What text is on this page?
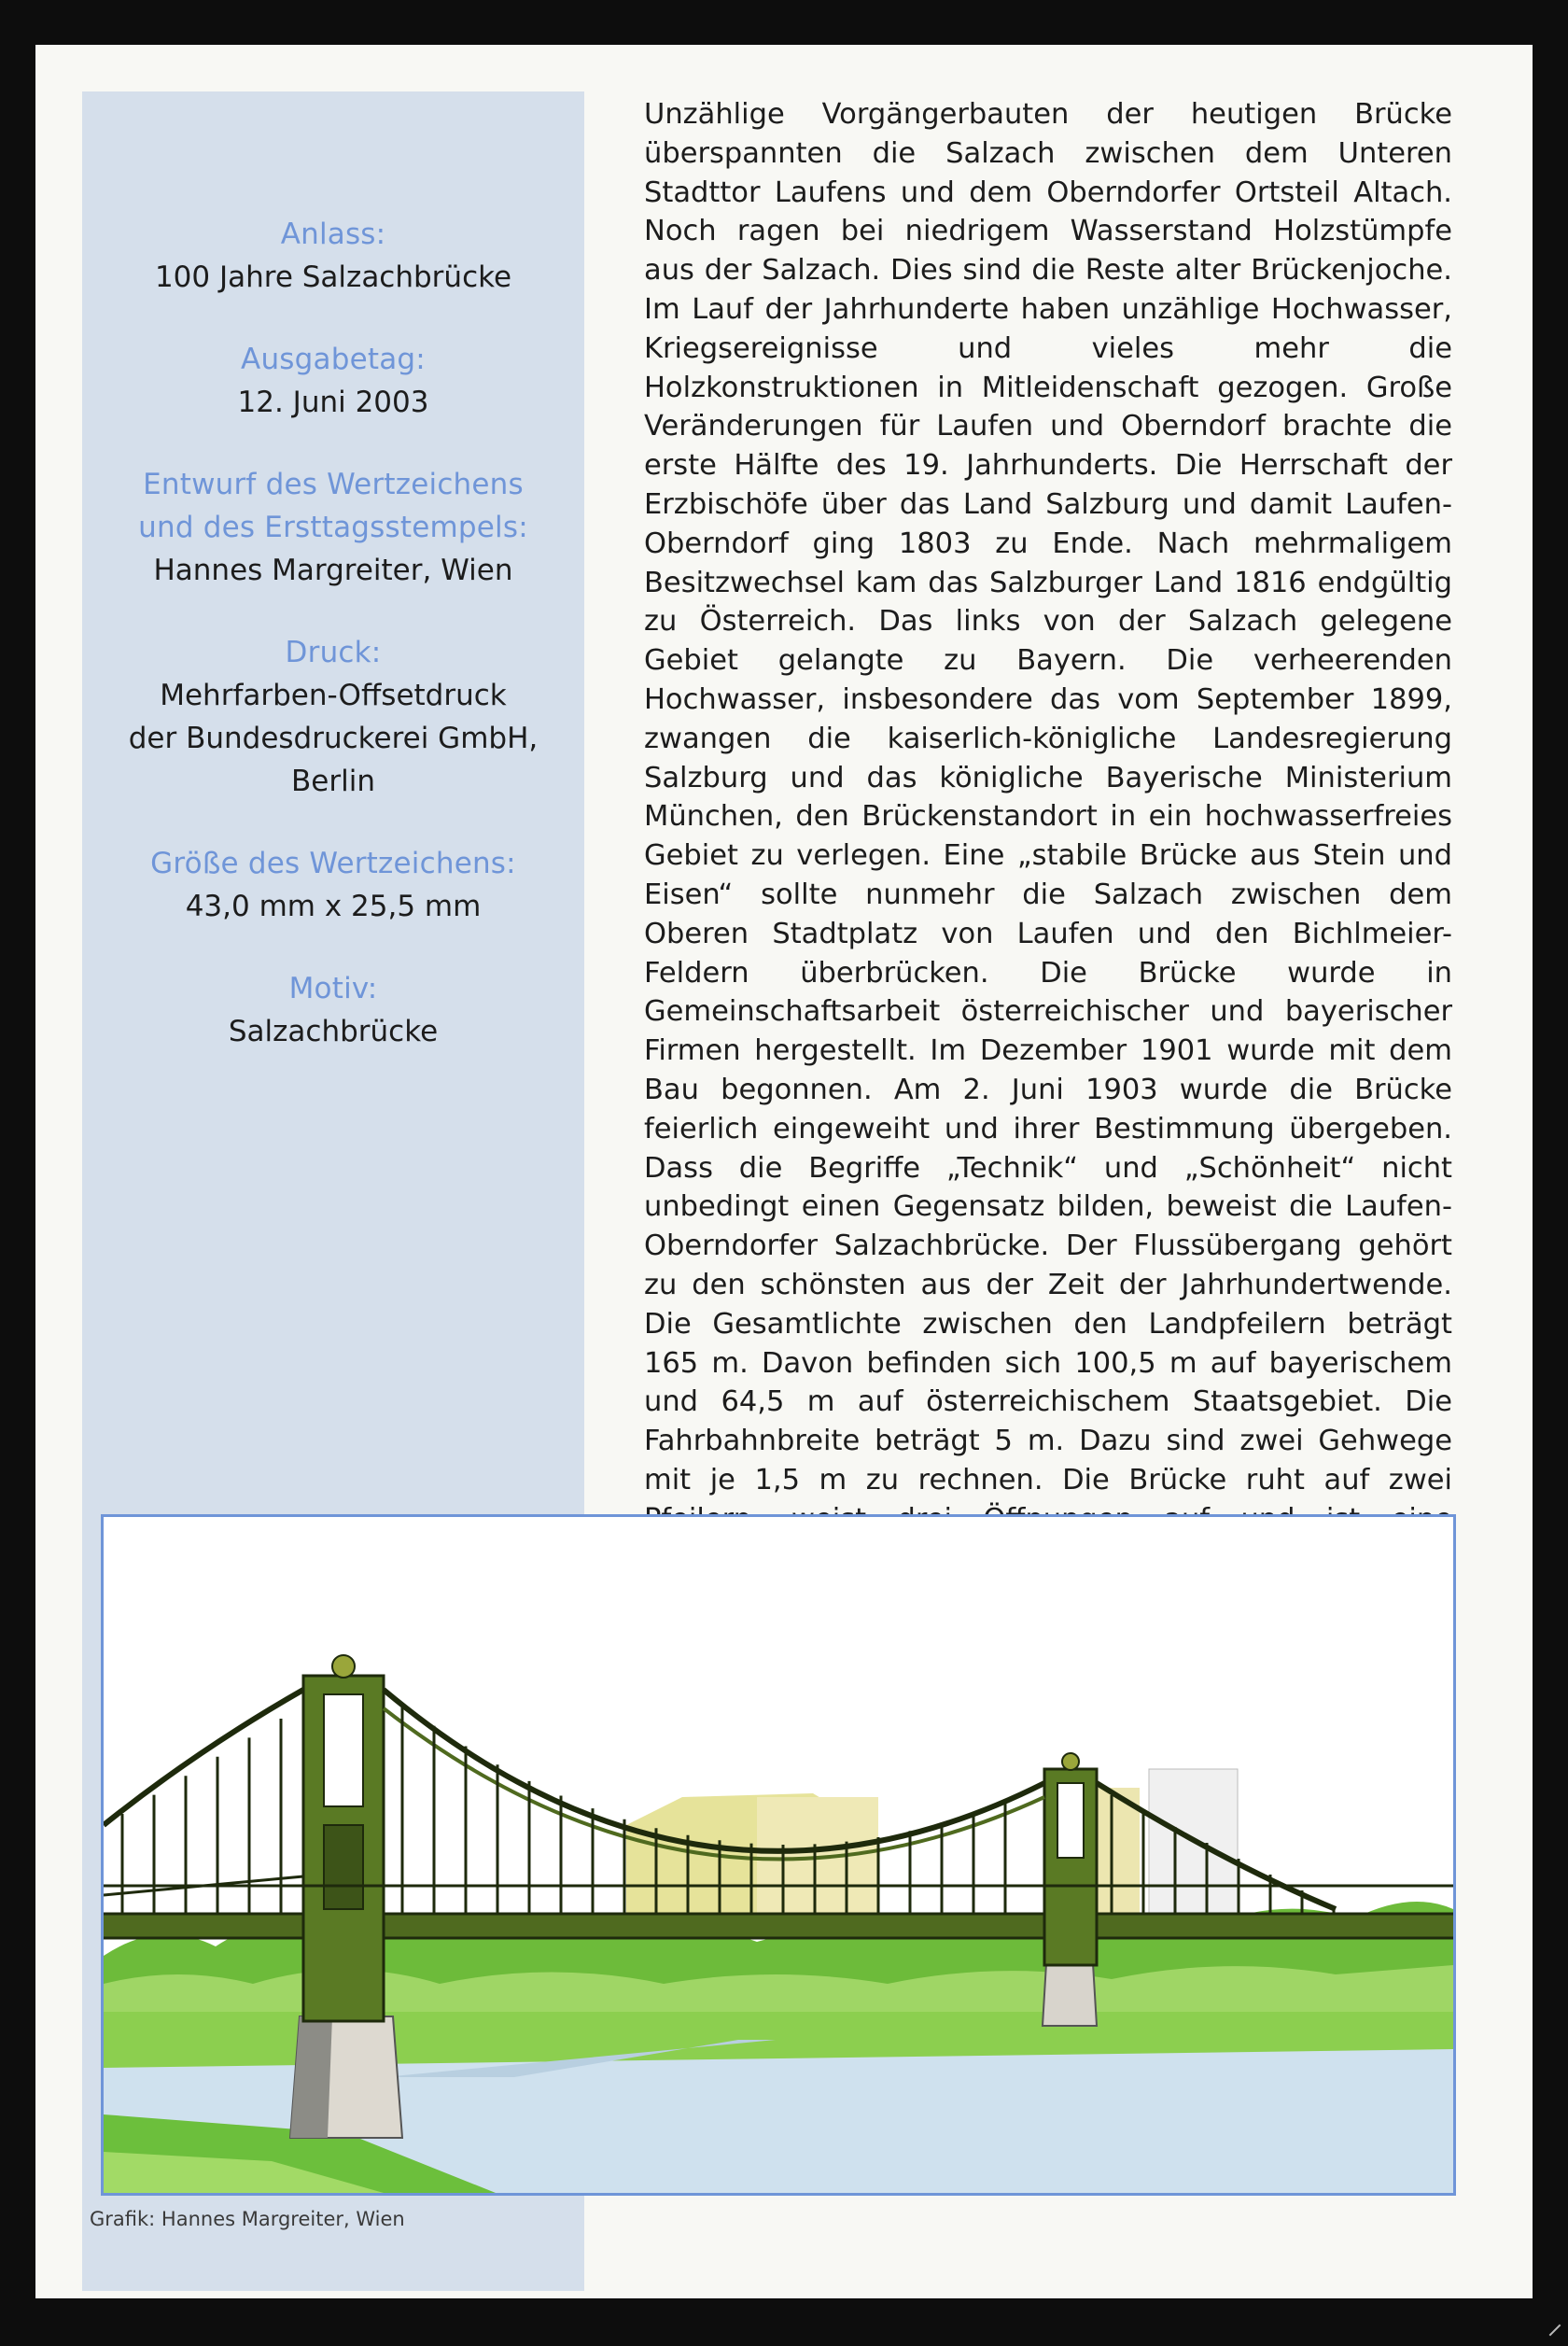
Anlass:
100 Jahre Salzachbrücke
Ausgabetag:
12. Juni 2003
Entwurf des Wertzeichens
und des Ersttagsstempels:
Hannes Margreiter, Wien
Druck:
Mehrfarben-Offsetdruck
der Bundesdruckerei GmbH,
Berlin
Größe des Wertzeichens:
43,0 mm x 25,5 mm
Motiv:
Salzachbrücke
Unzählige Vorgängerbauten der heutigen Brücke überspannten die Salzach zwischen dem Unteren Stadttor Laufens und dem Oberndorfer Ortsteil Altach. Noch ragen bei niedrigem Wasserstand Holzstümpfe aus der Salzach. Dies sind die Reste alter Brückenjoche. Im Lauf der Jahrhunderte haben unzählige Hochwasser, Kriegsereignisse und vieles mehr die Holzkonstruktionen in Mitleidenschaft gezogen. Große Veränderungen für Laufen und Oberndorf brachte die erste Hälfte des 19. Jahrhunderts. Die Herrschaft der Erzbischöfe über das Land Salzburg und damit Laufen-Oberndorf ging 1803 zu Ende. Nach mehrmaligem Besitzwechsel kam das Salzburger Land 1816 endgültig zu Österreich. Das links von der Salzach gelegene Gebiet gelangte zu Bayern. Die verheerenden Hochwasser, insbesondere das vom September 1899, zwangen die kaiserlich-königliche Landesregierung Salzburg und das königliche Bayerische Ministerium München, den Brückenstandort in ein hochwasserfreies Gebiet zu verlegen. Eine „stabile Brücke aus Stein und Eisen“ sollte nunmehr die Salzach zwischen dem Oberen Stadtplatz von Laufen und den Bichlmeier-Feldern überbrücken. Die Brücke wurde in Gemeinschaftsarbeit österreichischer und bayerischer Firmen hergestellt. Im Dezember 1901 wurde mit dem Bau begonnen. Am 2. Juni 1903 wurde die Brücke feierlich eingeweiht und ihrer Bestimmung übergeben. Dass die Begriffe „Technik“ und „Schönheit“ nicht unbedingt einen Gegensatz bilden, beweist die Laufen-Oberndorfer Salzachbrücke. Der Flussübergang gehört zu den schönsten aus der Zeit der Jahrhundertwende. Die Gesamtlichte zwischen den Landpfeilern beträgt 165 m. Davon befinden sich 100,5 m auf bayerischem und 64,5 m auf österreichischem Staatsgebiet. Die Fahrbahnbreite beträgt 5 m. Dazu sind zwei Gehwege mit je 1,5 m zu rechnen. Die Brücke ruht auf zwei
Grafik: Hannes Margreiter, Wien
